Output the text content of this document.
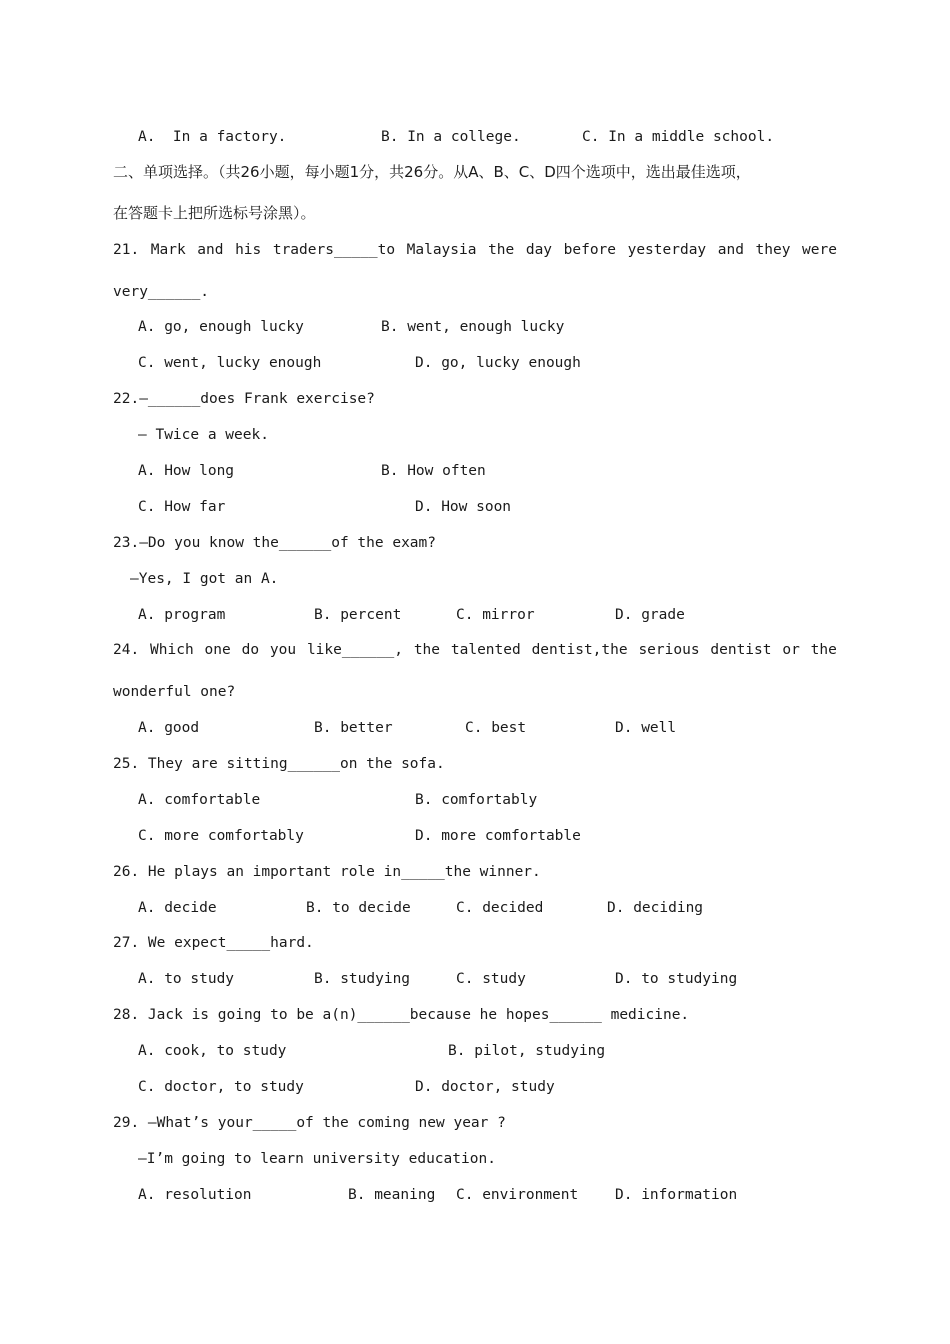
A.  In a factory.	B. In a college.	C. In a middle school.
二、单项选择。（共26小题，每小题1分，共26分。从A、B、C、D四个选项中，选出最佳选项，
在答题卡上把所选标号涂黑）。
21. Mark and his traders_____to Malaysia the day before yesterday and they were
very______.
A. go, enough lucky	B. went, enough lucky
C. went, lucky enough	D. go, lucky enough
22.—______does Frank exercise?
— Twice a week.
A. How long	B. How often
C. How far	D. How soon
23.—Do you know the______of the exam?
—Yes, I got an A.
A. program	B. percent	C. mirror	D. grade
24. Which one do you like______, the talented dentist,the serious dentist or the
wonderful one?
A. good	B. better	C. best	D. well
25. They are sitting______on the sofa.
A. comfortable	B. comfortably
C. more comfortably	D. more comfortable
26. He plays an important role in_____the winner.
A. decide	B. to decide	C. decided	D. deciding
27. We expect_____hard.
A. to study	B. studying	C. study	D. to studying
28. Jack is going to be a(n)______because he hopes______ medicine.
A. cook, to study	B. pilot, studying
C. doctor, to study	D. doctor, study
29. —What’s your_____of the coming new year ?
—I’m going to learn university education.
A. resolution	B. meaning C. environment	D. information
